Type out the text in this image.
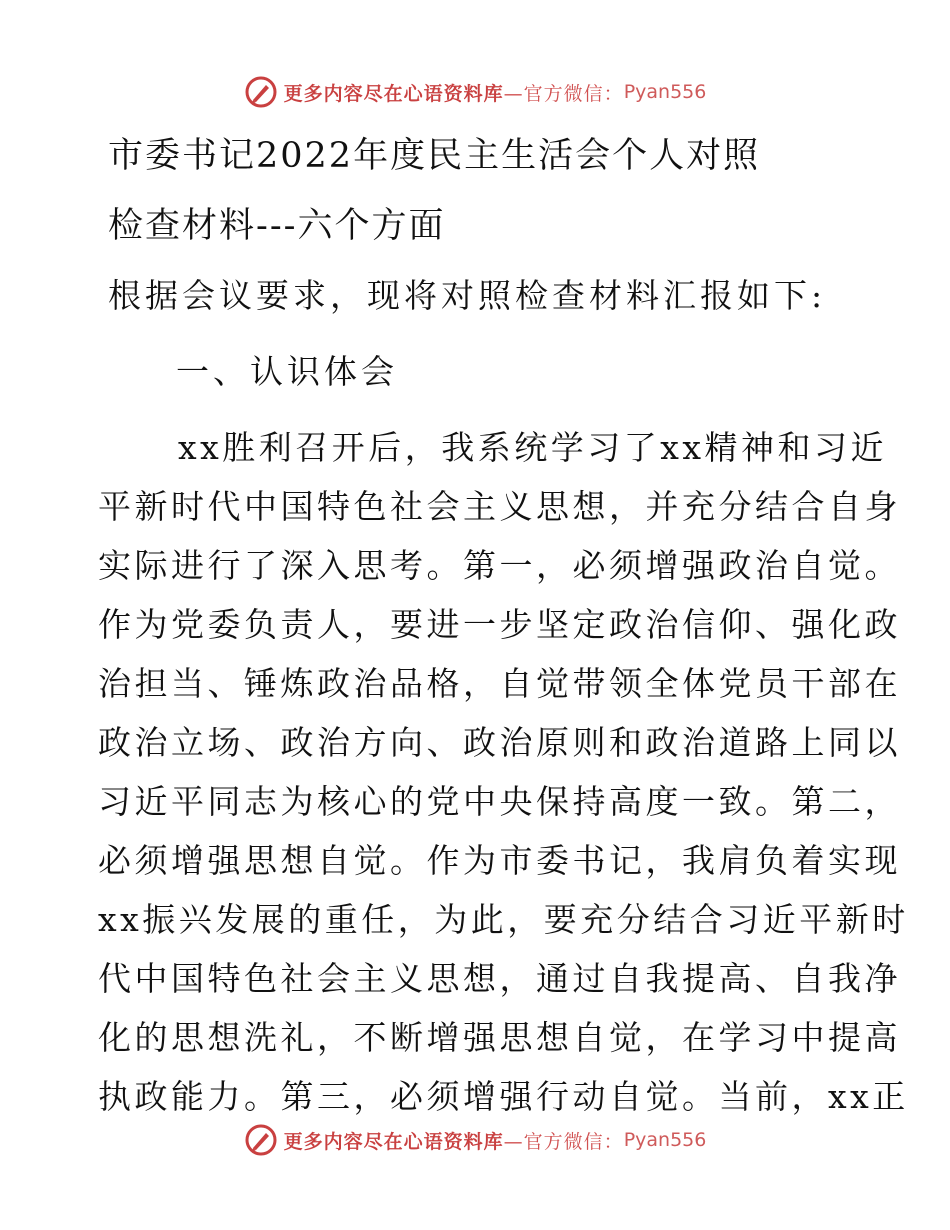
更多内容尽在心语资料库 —官方微信： Pyan556
市委书记2022年度民主生活会个人对照
检查材料---六个方面
根据会议要求，现将对照检查材料汇报如下:
一、认识体会
xx胜利召开后，我系统学习了xx精神和习近
平新时代中国特色社会主义思想，并充分结合自身
实际进行了深入思考。第一，必须增强政治自觉。
作为党委负责人，要进一步坚定政治信仰、强化政
治担当、锤炼政治品格，自觉带领全体党员干部在
政治立场、政治方向、政治原则和政治道路上同以
习近平同志为核心的党中央保持高度一致。第二，
必须增强思想自觉。作为市委书记，我肩负着实现
xx振兴发展的重任，为此，要充分结合习近平新时
代中国特色社会主义思想，通过自我提高、自我净
化的思想洗礼，不断增强思想自觉，在学习中提高
执政能力。第三，必须增强行动自觉。当前，xx正
更多内容尽在心语资料库 —官方微信： Pyan556
